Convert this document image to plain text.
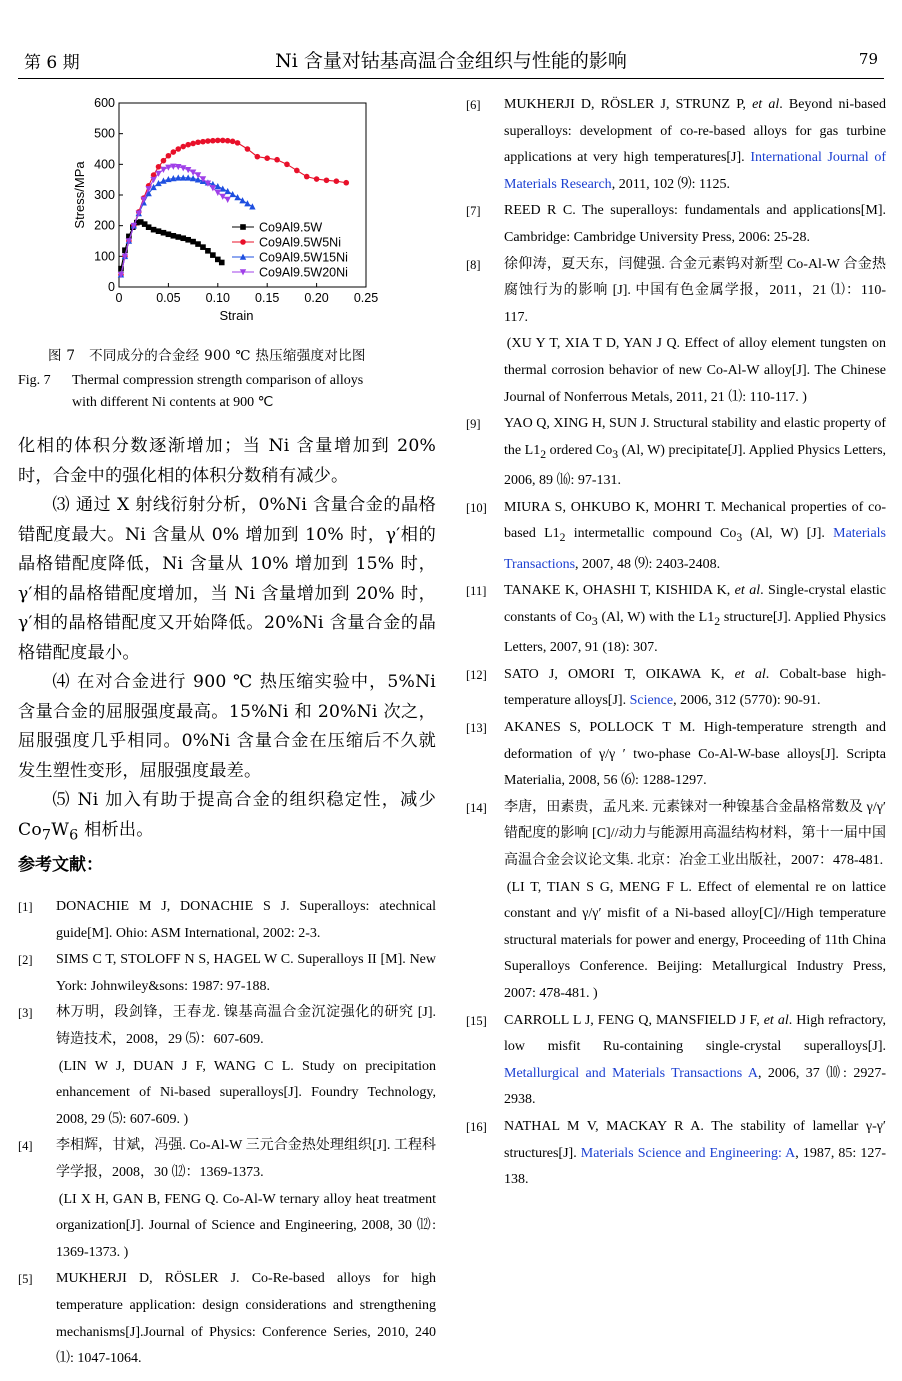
第 6 期	Ni 含量对钴基高温合金组织与性能的影响	79
0
100
200
300
400
500
600
0	0.05 0.10 0.15 0.20 0.25
Strain
Stress/MPa	Co9Al9.5W
Co9Al9.5W5Ni
Co9Al9.5W15Ni
Co9Al9.5W20Ni
图 7　不同成分的合金经 900 ℃ 热压缩强度对比图
Fig. 7 Thermal compression strength comparison of alloys
with different Ni contents at 900 ℃

化相的体积分数逐渐增加；当 Ni 含量增加到 20% 时，合金中的强化相的体积分数稍有减少。

⑶ 通过 X 射线衍射分析，0%Ni 含量合金的晶格错配度最大。Ni 含量从 0% 增加到 10% 时，γ′相的晶格错配度降低，Ni 含量从 10% 增加到 15% 时，γ′相的晶格错配度增加，当 Ni 含量增加到 20% 时，γ′相的晶格错配度又开始降低。20%Ni 含量合金的晶格错配度最小。

⑷ 在对合金进行 900 ℃ 热压缩实验中，5%Ni 含量合金的屈服强度最高。15%Ni 和 20%Ni 次之，屈服强度几乎相同。0%Ni 含量合金在压缩后不久就发生塑性变形，屈服强度最差。

⑸ Ni 加入有助于提高合金的组织稳定性，减少 $Co_7W_6$ 相析出。

参考文献：
[1]	DONACHIE M J, DONACHIE S J. Superalloys: atechnical guide[M]. Ohio: ASM International, 2002: 2-3.
[2]	SIMS C T, STOLOFF N S, HAGEL W C. Superalloys II [M]. New York: Johnwiley&sons: 1987: 97-188.
[3]	林万明，段剑锋，王春龙. 镍基高温合金沉淀强化的研究 [J]. 铸造技术，2008，29 ⑸：607-609.
(LIN W J, DUAN J F, WANG C L. Study on precipitation enhancement of Ni-based superalloys[J]. Foundry Technology, 2008, 29 ⑸: 607-609. )
[4]	李相辉，甘斌，冯强. Co-Al-W 三元合金热处理组织[J]. 工程科学学报，2008，30 ⑿：1369-1373.
(LI X H, GAN B, FENG Q. Co-Al-W ternary alloy heat treatment organization[J]. Journal of Science and Engineering, 2008, 30 ⑿: 1369-1373. )
[5]	MUKHERJI D, RÖSLER J. Co-Re-based alloys for high temperature application: design considerations and strengthening mechanisms[J].Journal of Physics: Conference Series, 2010, 240 ⑴: 1047-1064.
[6]	MUKHERJI D, RÖSLER J, STRUNZ P, et al. Beyond ni-based superalloys: development of co-re-based alloys for gas turbine applications at very high temperatures[J]. International Journal of Materials Research, 2011, 102 ⑼: 1125.
[7]	REED R C. The superalloys: fundamentals and applications[M]. Cambridge: Cambridge University Press, 2006: 25-28.
[8]	徐仰涛，夏天东，闫健强. 合金元素钨对新型 Co-Al-W 合金热腐蚀行为的影响 [J]. 中国有色金属学报，2011，21 ⑴：110-117.
(XU Y T, XIA T D, YAN J Q. Effect of alloy element tungsten on thermal corrosion behavior of new Co-Al-W alloy[J]. The Chinese Journal of Nonferrous Metals, 2011, 21 ⑴: 110-117. )
[9]	YAO Q, XING H, SUN J. Structural stability and elastic property of the $L1_2$ ordered $Co_3$ (Al, W) precipitate[J]. Applied Physics Letters, 2006, 89 ⒃: 97-131.
[10]	MIURA S, OHKUBO K, MOHRI T. Mechanical properties of co-based $L1_2$ intermetallic compound $Co_3$ (Al, W) [J]. Materials Transactions, 2007, 48 ⑼: 2403-2408.
[11]	TANAKE K, OHASHI T, KISHIDA K, et al. Single-crystal elastic constants of $Co_3$ (Al, W) with the $L1_2$ structure[J]. Applied Physics Letters, 2007, 91 (18): 307.
[12]	SATO J, OMORI T, OIKAWA K, et al. Cobalt-base high-temperature alloys[J]. Science, 2006, 312 (5770): 90-91.
[13]	AKANES S, POLLOCK T M. High-temperature strength and deformation of γ/γ ′ two-phase Co-Al-W-base alloys[J]. Scripta Materialia, 2008, 56 ⑹: 1288-1297.
[14]	李唐，田素贵，孟凡来. 元素铼对一种镍基合金晶格常数及 γ/γ′错配度的影响 [C]//动力与能源用高温结构材料，第十一届中国高温合金会议论文集. 北京：冶金工业出版社，2007：478-481.
(LI T, TIAN S G, MENG F L. Effect of elemental re on lattice constant and γ/γ′ misfit of a Ni-based alloy[C]//High temperature structural materials for power and energy, Proceeding of 11th China Superalloys Conference. Beijing: Metallurgical Industry Press, 2007: 478-481. )
[15]	CARROLL L J, FENG Q, MANSFIELD J F, et al. High refractory, low misfit Ru-containing single-crystal superalloys[J]. Metallurgical and Materials Transactions A, 2006, 37 ⑽: 2927-2938.
[16]	NATHAL M V, MACKAY R A. The stability of lamellar γ-γ′ structures[J]. Materials Science and Engineering: A, 1987, 85: 127-138.
